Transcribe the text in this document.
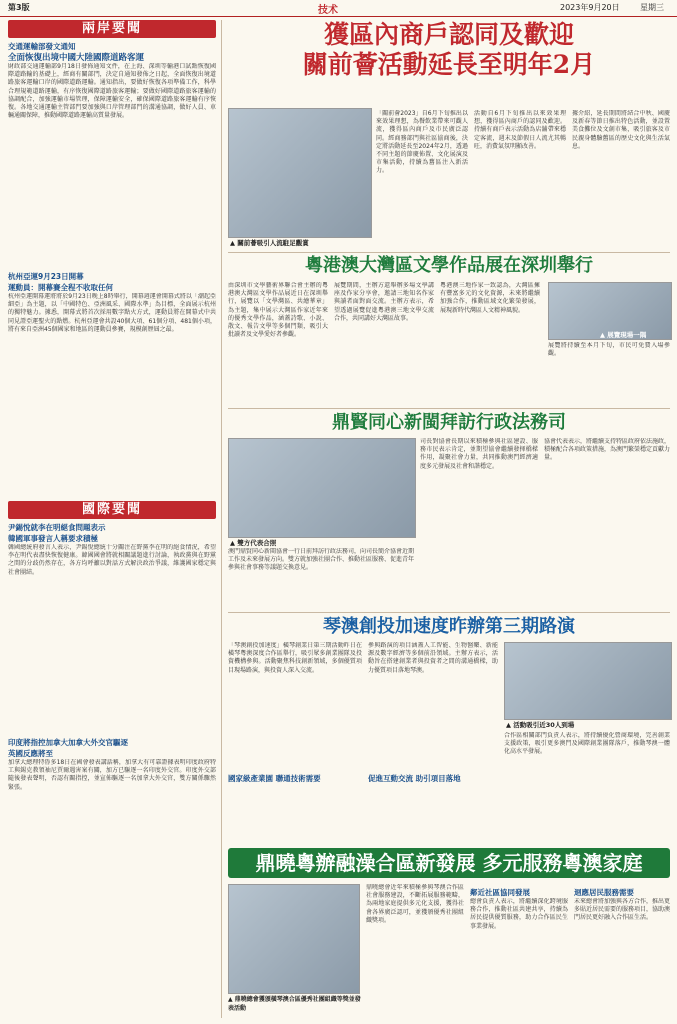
第3版	技术	2023年9月20日	星期三
兩岸要聞
交通運輸部發文通知
全面恢復出境中國大陸國際道路客運
財政部交通運輸部9月18日發佈通知文件，在上海、深圳等輸港口試點恢復國際道路輸的基礎上，經商有關部門，決定自通知發佈之日起，全面恢復出境道路旅客運輸口岸的國際道路運輸。通知指出，要做好恢復各項準備工作，科學合理規範道路運輸，有序恢復國際道路旅客運輸；要做好國際道路旅客運輸的協調配合，加強運輸市場管理，保障運輸安全，確保國際道路旅客運輸有序恢復。各地交通運輸主管部門要加強與口岸管理部門的溝通協調，做好人員、車輛通關保障，推動國際道路運輸高質量發展。
杭州亞運9月23日開幕
運動員：開幕賽全程不收取任何
杭州亞運開幕運將將於9月23日晚上8時舉行，開幕週運會開幕式將以「潮起亞細亞」為主題，以「中國特色、亞洲風采、國際水準」為目標，全面展示杭州的獨特魅力。據悉，開幕式將首次採用數字點火方式，運動員將在開幕式中共同見證亞運聖火的點燃。杭州亞運會共設40個大項、61個分項、481個小項，將有來自亞洲45個國家和地區的運動員參賽，規模創歷屆之最。
國際要聞
尹錫悅就李在明絕食問題表示
韓國軍事發言人稱要求積極
韓國總統府發言人表示，尹錫悅總統十分關注在野黨李在明的絕食情況，希望李在明代表盡快恢復健康。韓國國會將就相關議題進行討論，執政黨與在野黨之間的分歧仍然存在，各方均呼籲以對話方式解決政治爭議，維護國家穩定與社會團結。
印度將指控加拿大加拿大外交官驅逐
英國反應將至
加拿大總理特魯多18日在國會發表講話稱，加拿大有可靠證據表明印度政府特工與錫克教領袖尼賈爾遇害案有關，加方已驅逐一名印度外交官。印度外交部隨後發表聲明，否認有關指控，並宣佈驅逐一名加拿大外交官，雙方關係驟然緊張。
獲區內商戶認同及歡迎
關前薈活動延長至明年2月
▲ 關前薈吸引人流駐足觀賞
「關前薈2023」自6月下旬推出以來效果理想，為餐飲業帶來可觀人流，獲得區內商戶及市民廣泛認同。經商務部門與社區協商後，決定將活動延長至2024年2月，透過不同主題的節慶佈置、文化展演及市集活動，持續為舊區注入新活力。
活動自6月下旬推出以來效果理想，獲得區內商戶的認同及歡迎。持續有商戶表示活動為店舖帶來穩定客流，週末及節假日人流尤其暢旺，消費氣氛明顯改善。
據介紹，延長期間將結合中秋、國慶及新春等節日推出特色活動，並設置美食攤位及文創市集，吸引旅客及市民親身體驗舊區的歷史文化與生活氣息。
粵港澳大灣區文學作品展在深圳舉行
由深圳市文學藝術界聯合會主辦的粵港澳大灣區文學作品展近日在深圳舉行，展覽以「文學灣區、共繪華章」為主題，集中展示大灣區作家近年來的優秀文學作品，涵蓋詩歌、小說、散文、報告文學等多個門類，吸引大批讀者及文學愛好者參觀。
展覽期間，主辦方還舉辦多場文學講座及作家分享會，邀請三地知名作家與讀者面對面交流。主辦方表示，希望透過展覽促進粵港澳三地文學交流合作，共同講好大灣區故事。
粵港澳三地作家一致認為，大灣區擁有豐富多元的文化資源，未來將繼續加強合作，推動區域文化繁榮發展，展現新時代灣區人文精神風貌。
▲ 展覽現場一隅
展覽將持續至本月下旬，市民可免費入場參觀。
鼎賢同心新閩拜訪行政法務司
▲ 雙方代表合照
澳門鼎賢同心新閩協會一行日前拜訪行政法務司，向司長簡介協會近期工作及未來發展方向。雙方就加強社團合作、推動社區服務、促進青年參與社會事務等議題交換意見。
司長對協會長期以來積極參與社區建設、服務市民表示肯定，並期望協會繼續發揮橋樑作用，凝聚社會力量，共同推動澳門經濟適度多元發展及社會和諧穩定。
協會代表表示，將繼續支持特區政府依法施政，積極配合各項政策措施，為澳門繁榮穩定貢獻力量。
琴澳創投加速度昨辦第三期路演
「琴澳創投加速度」橫琴創業日第三期活動昨日在橫琴粵澳深度合作區舉行，吸引眾多創業團隊及投資機構參與。活動聚焦科技創新領域，多個優質項目現場路演，與投資人深入交流。
國家級產業園 聯通技術需要
參與路演的項目涵蓋人工智能、生物醫藥、新能源及數字經濟等多個前沿領域。主辦方表示，活動旨在搭建創業者與投資者之間的溝通橋樑，助力優質項目落地琴澳。
促進互動交流 助引項目落地
▲ 活動吸引近30人到場
合作區相關部門負責人表示，將持續優化營商環境，完善創業支援政策，吸引更多澳門及國際創業團隊落戶，推動琴澳一體化高水平發展。
鼎曉粵辦融澡合區新發展 多元服務粵澳家庭
▲ 鼎曉總會獲頒橫琴澳合區優秀社團組織等獎並發表活動
鼎曉總會近年來積極參與琴澳合作區社會服務建設，不斷拓展服務範疇，為兩地家庭提供多元化支援，獲得社會各界廣泛認可，並獲頒優秀社團組織獎項。
鄰近社區協同發展
總會負責人表示，將繼續深化跨境服務合作，推動社區共建共享，持續為居民提供優質服務，助力合作區民生事業發展。
迴應居民服務需要
未來總會將加強與各方合作，推出更多貼近居民需要的服務項目，協助澳門居民更好融入合作區生活。
